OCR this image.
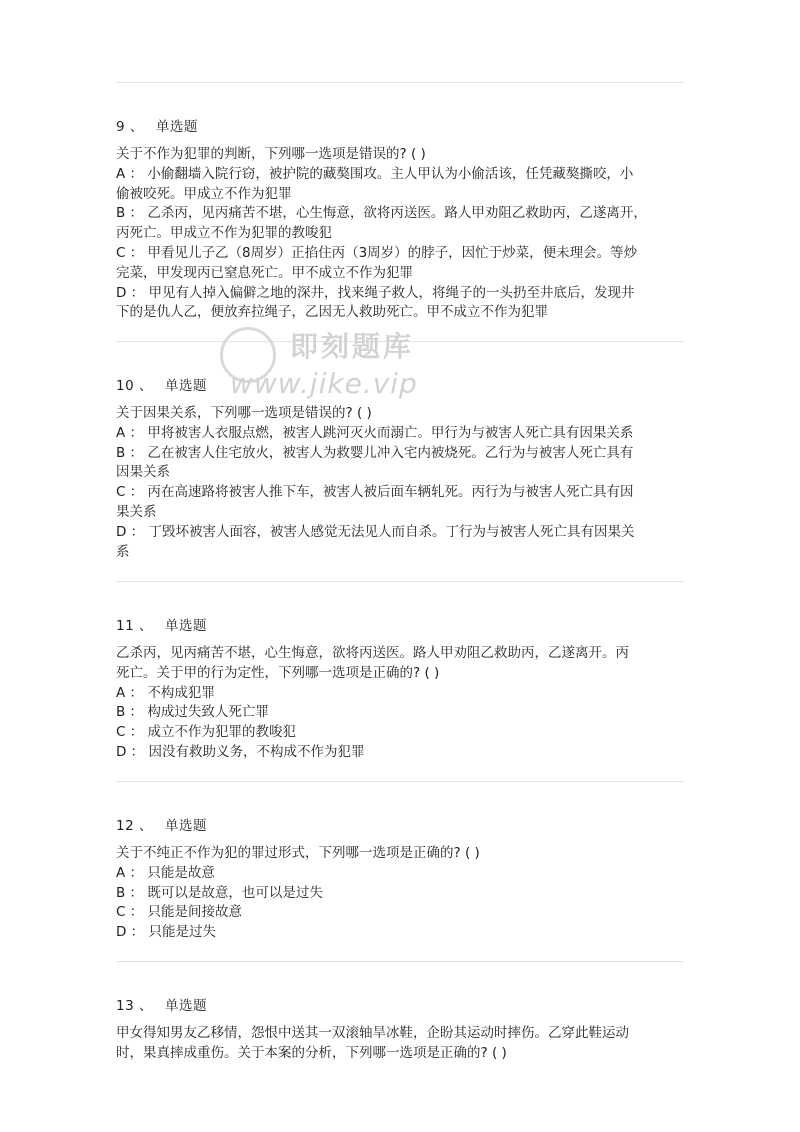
9 、 单选题

关于不作为犯罪的判断，下列哪一选项是错误的? ( )

A ： 小偷翻墙入院行窃，被护院的藏獒围攻。主人甲认为小偷活该，任凭藏獒撕咬，小

偷被咬死。甲成立不作为犯罪

B ： 乙杀丙，见丙痛苦不堪，心生悔意，欲将丙送医。路人甲劝阻乙救助丙，乙遂离开，

丙死亡。甲成立不作为犯罪的教唆犯

C ： 甲看见儿子乙（8周岁）正掐住丙（3周岁）的脖子，因忙于炒菜，便未理会。等炒

完菜，甲发现丙已窒息死亡。甲不成立不作为犯罪

D ： 甲见有人掉入偏僻之地的深井，找来绳子救人，将绳子的一头扔至井底后，发现井

下的是仇人乙，便放弃拉绳子，乙因无人救助死亡。甲不成立不作为犯罪

10 、 单选题

关于因果关系，下列哪一选项是错误的? ( )

A ： 甲将被害人衣服点燃，被害人跳河灭火而溺亡。甲行为与被害人死亡具有因果关系

B ： 乙在被害人住宅放火，被害人为救婴儿冲入宅内被烧死。乙行为与被害人死亡具有

因果关系

C ： 丙在高速路将被害人推下车，被害人被后面车辆轧死。丙行为与被害人死亡具有因

果关系

D ： 丁毁坏被害人面容，被害人感觉无法见人而自杀。丁行为与被害人死亡具有因果关

系

11 、 单选题

乙杀丙，见丙痛苦不堪，心生悔意，欲将丙送医。路人甲劝阻乙救助丙，乙遂离开。丙

死亡。关于甲的行为定性，下列哪一选项是正确的? ( )

A ： 不构成犯罪

B ： 构成过失致人死亡罪

C ： 成立不作为犯罪的教唆犯

D ： 因没有救助义务，不构成不作为犯罪

12 、 单选题

关于不纯正不作为犯的罪过形式，下列哪一选项是正确的? ( )

A ： 只能是故意

B ： 既可以是故意，也可以是过失

C ： 只能是间接故意

D ： 只能是过失

13 、 单选题

甲女得知男友乙移情，怨恨中送其一双滚轴旱冰鞋，企盼其运动时摔伤。乙穿此鞋运动

时，果真摔成重伤。关于本案的分析，下列哪一选项是正确的? ( )

即刻题库
www.jike.vip
